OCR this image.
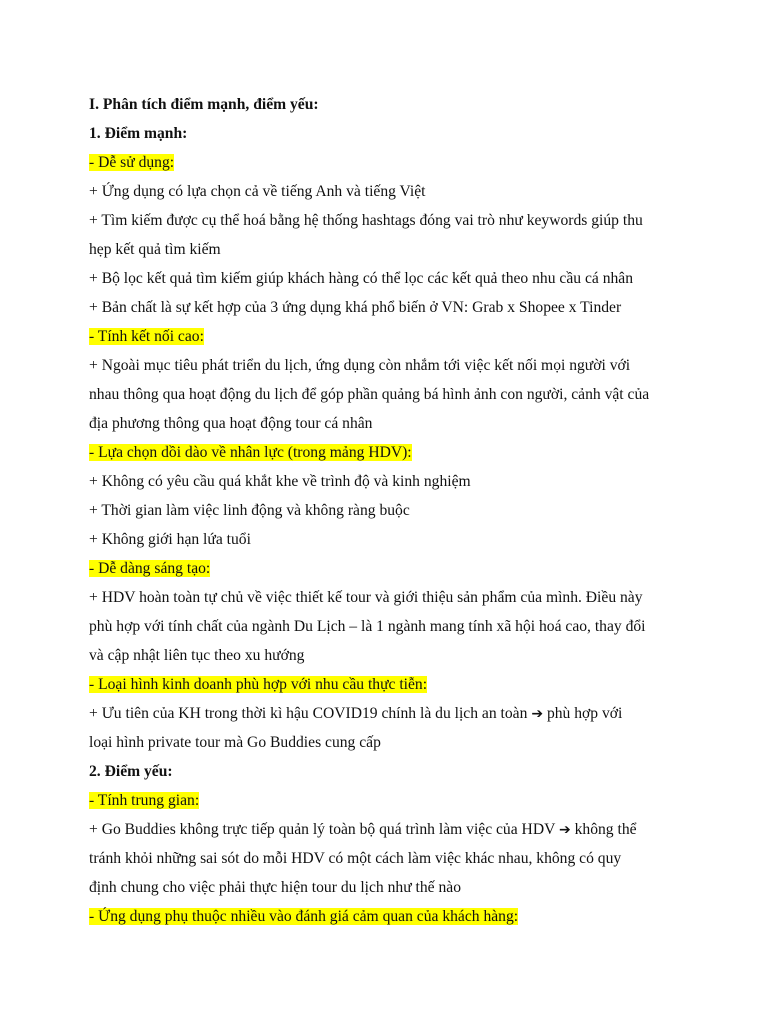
I. Phân tích điểm mạnh, điểm yếu:
1. Điểm mạnh:
- Dễ sử dụng:
+ Ứng dụng có lựa chọn cả về tiếng Anh và tiếng Việt
+ Tìm kiếm được cụ thể hoá bằng hệ thống hashtags đóng vai trò như keywords giúp thu
hẹp kết quả tìm kiếm
+ Bộ lọc kết quả tìm kiếm giúp khách hàng có thể lọc các kết quả theo nhu cầu cá nhân
+ Bản chất là sự kết hợp của 3 ứng dụng khá phổ biến ở VN: Grab x Shopee x Tinder
- Tính kết nối cao:
+ Ngoài mục tiêu phát triển du lịch, ứng dụng còn nhắm tới việc kết nối mọi người với
nhau thông qua hoạt động du lịch để góp phần quảng bá hình ảnh con người, cảnh vật của
địa phương thông qua hoạt động tour cá nhân
- Lựa chọn dồi dào về nhân lực (trong mảng HDV):
+ Không có yêu cầu quá khắt khe về trình độ và kinh nghiệm
+ Thời gian làm việc linh động và không ràng buộc
+ Không giới hạn lứa tuổi
- Dễ dàng sáng tạo:
+ HDV hoàn toàn tự chủ về việc thiết kế tour và giới thiệu sản phẩm của mình. Điều này
phù hợp với tính chất của ngành Du Lịch – là 1 ngành mang tính xã hội hoá cao, thay đổi
và cập nhật liên tục theo xu hướng
- Loại hình kinh doanh phù hợp với nhu cầu thực tiễn:
+ Ưu tiên của KH trong thời kì hậu COVID19 chính là du lịch an toàn ➔ phù hợp với
loại hình private tour mà Go Buddies cung cấp
2. Điểm yếu:
- Tính trung gian:
+ Go Buddies không trực tiếp quản lý toàn bộ quá trình làm việc của HDV ➔ không thể
tránh khỏi những sai sót do mỗi HDV có một cách làm việc khác nhau, không có quy
định chung cho việc phải thực hiện tour du lịch như thế nào
- Ứng dụng phụ thuộc nhiều vào đánh giá cảm quan của khách hàng:
